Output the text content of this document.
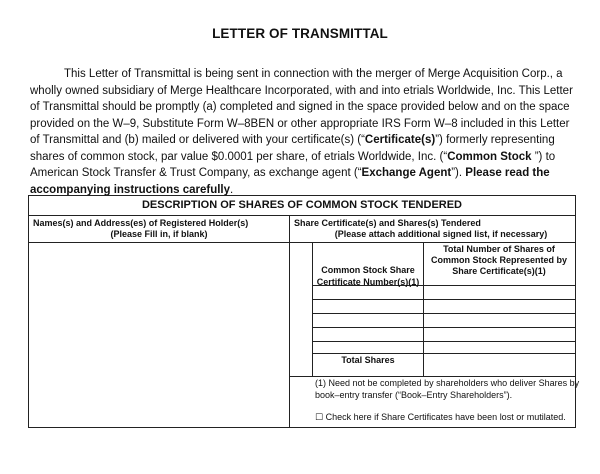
LETTER OF TRANSMITTAL
This Letter of Transmittal is being sent in connection with the merger of Merge Acquisition Corp., a wholly owned subsidiary of Merge Healthcare Incorporated, with and into etrials Worldwide, Inc. This Letter of Transmittal should be promptly (a) completed and signed in the space provided below and on the space provided on the W–9, Substitute Form W–8BEN or other appropriate IRS Form W–8 included in this Letter of Transmittal and (b) mailed or delivered with your certificate(s) (“Certificate(s)”) formerly representing shares of common stock, par value $0.0001 per share, of etrials Worldwide, Inc. (“Common Stock ”) to American Stock Transfer & Trust Company, as exchange agent (“Exchange Agent”). Please read the accompanying instructions carefully.
DESCRIPTION OF SHARES OF COMMON STOCK TENDERED
Names(s) and Address(es) of Registered Holder(s)
(Please Fill in, if blank)
Share Certificate(s) and Shares(s) Tendered
(Please attach additional signed list, if necessary)
Common Stock Share Certificate Number(s)(1)
Total Number of Shares of Common Stock Represented by Share Certificate(s)(1)
Total Shares
(1) Need not be completed by shareholders who deliver Shares by book–entry transfer (“Book–Entry Shareholders”).
☐ Check here if Share Certificates have been lost or mutilated.
